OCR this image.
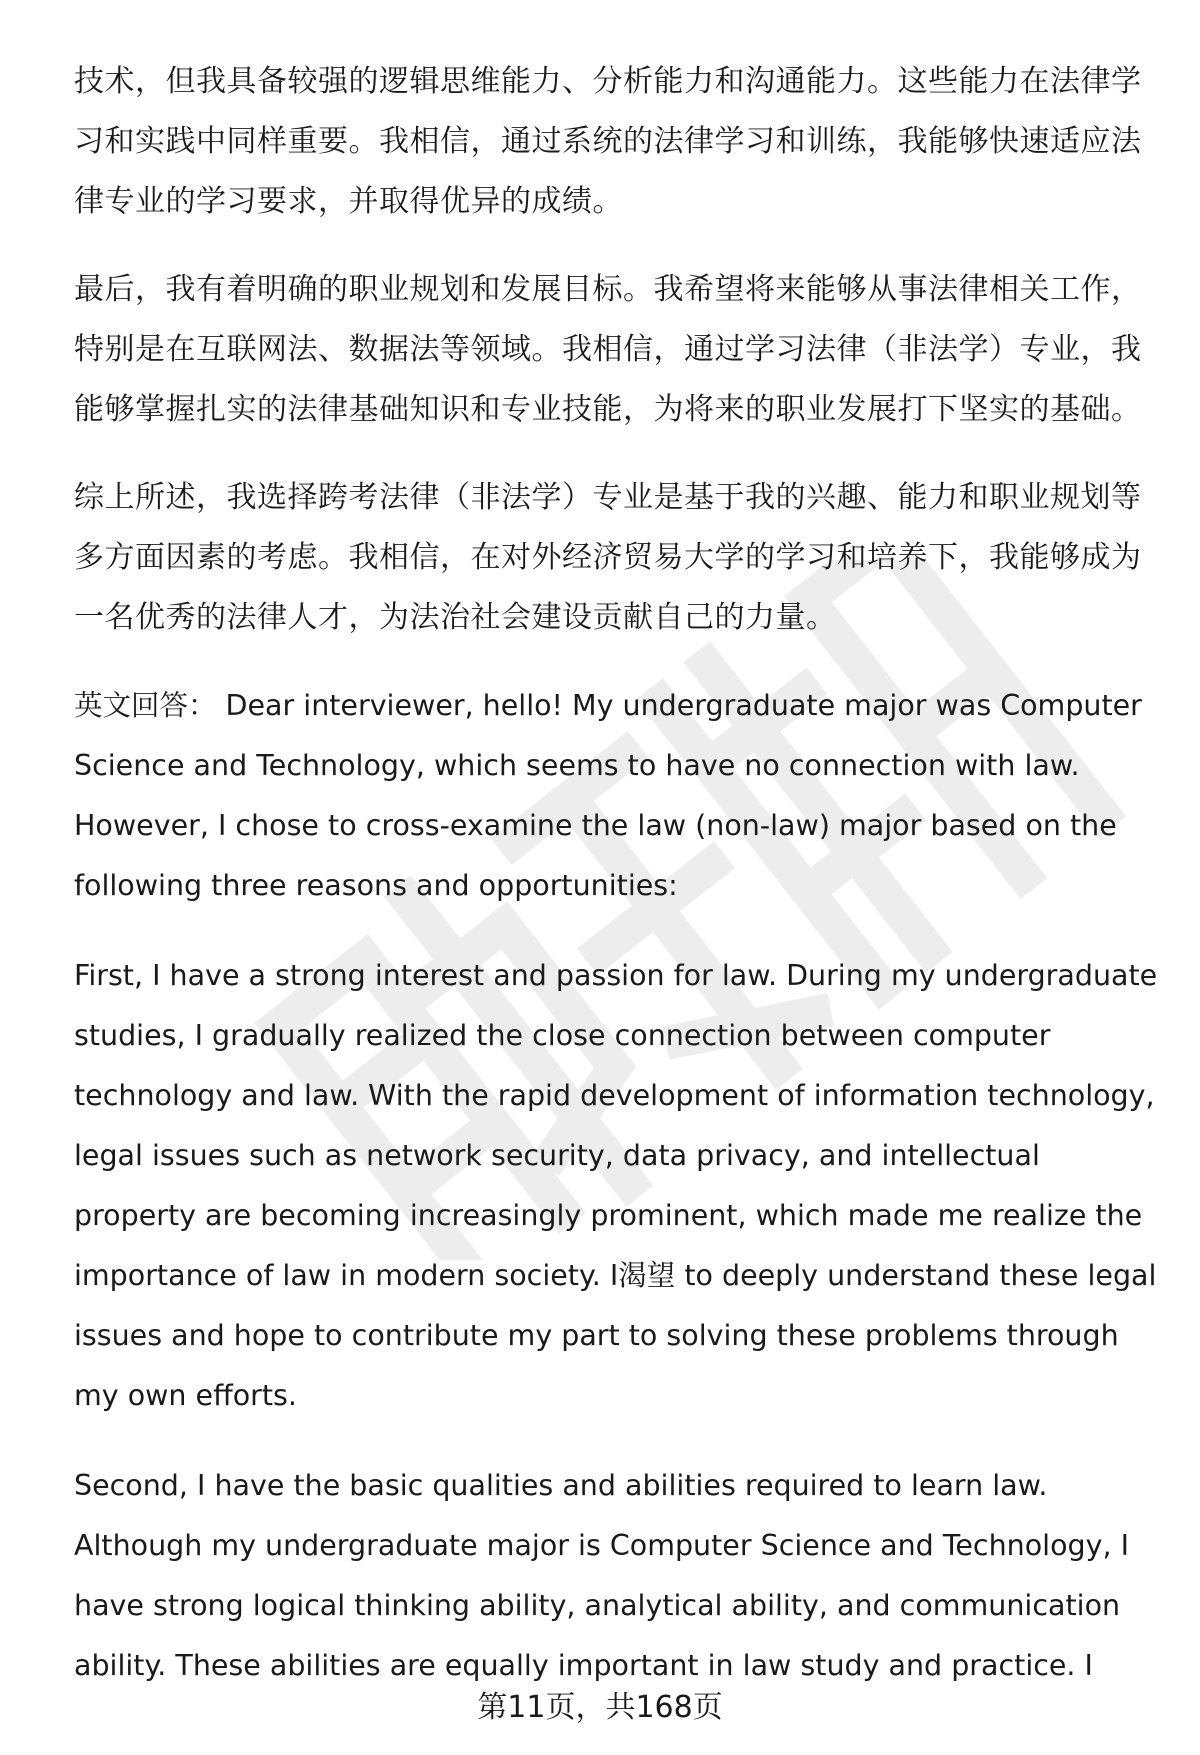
技术，但我具备较强的逻辑思维能力、分析能力和沟通能力。这些能力在法律学习和实践中同样重要。我相信，通过系统的法律学习和训练，我能够快速适应法律专业的学习要求，并取得优异的成绩。

最后，我有着明确的职业规划和发展目标。我希望将来能够从事法律相关工作，特别是在互联网法、数据法等领域。我相信，通过学习法律（非法学）专业，我能够掌握扎实的法律基础知识和专业技能，为将来的职业发展打下坚实的基础。

综上所述，我选择跨考法律（非法学）专业是基于我的兴趣、能力和职业规划等多方面因素的考虑。我相信，在对外经济贸易大学的学习和培养下，我能够成为一名优秀的法律人才，为法治社会建设贡献自己的力量。

英文回答： Dear interviewer, hello! My undergraduate major was Computer Science and Technology, which seems to have no connection with law. However, I chose to cross-examine the law (non-law) major based on the following three reasons and opportunities:

First, I have a strong interest and passion for law. During my undergraduate studies, I gradually realized the close connection between computer technology and law. With the rapid development of information technology, legal issues such as network security, data privacy, and intellectual property are becoming increasingly prominent, which made me realize the importance of law in modern society. I渴望 to deeply understand these legal issues and hope to contribute my part to solving these problems through my own efforts.

Second, I have the basic qualities and abilities required to learn law. Although my undergraduate major is Computer Science and Technology, I have strong logical thinking ability, analytical ability, and communication ability. These abilities are equally important in law study and practice. I

第11页，共168页
